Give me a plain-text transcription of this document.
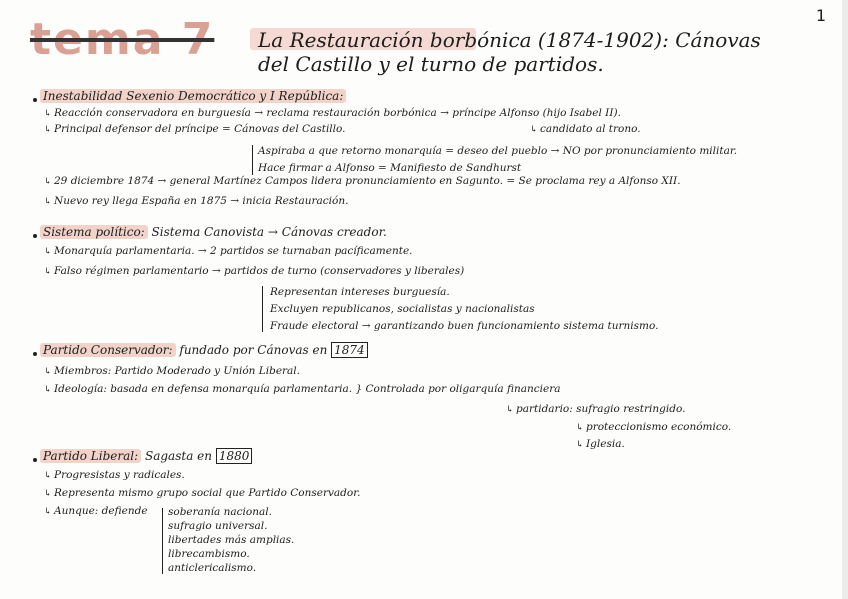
1
tema 7 La Restauración borbónica (1874-1902): Cánovas
del Castillo y el turno de partidos.
Inestabilidad Sexenio Democrático y I República:
↳ Reacción conservadora en burguesía → reclama restauración borbónica → príncipe Alfonso (hijo Isabel II).
↳ candidato al trono.
↳ Principal defensor del príncipe = Cánovas del Castillo.
Aspiraba a que retorno monarquía = deseo del pueblo → NO por pronunciamiento militar.
Hace firmar a Alfonso = Manifiesto de Sandhurst
↳ 29 diciembre 1874 → general Martínez Campos lidera pronunciamiento en Sagunto. = Se proclama rey a Alfonso XII.
↳ Nuevo rey llega España en 1875 → inicia Restauración.
Sistema político: Sistema Canovista → Cánovas creador.
↳ Monarquía parlamentaria. → 2 partidos se turnaban pacíficamente.
↳ Falso régimen parlamentario → partidos de turno (conservadores y liberales)
Representan intereses burguesía.
Excluyen republicanos, socialistas y nacionalistas
Fraude electoral → garantizando buen funcionamiento sistema turnismo.
Partido Conservador: fundado por Cánovas en 1874
↳ Miembros: Partido Moderado y Unión Liberal.
↳ Ideología: basada en defensa monarquía parlamentaria. } Controlada por oligarquía financiera
↳ partidario: sufragio restringido.
↳ proteccionismo económico.
↳ Iglesia.
Partido Liberal: Sagasta en 1880
↳ Progresistas y radicales.
↳ Representa mismo grupo social que Partido Conservador.
↳ Aunque: defiende soberanía nacional.
sufragio universal.
libertades más amplias.
librecambismo.
anticlericalismo.
